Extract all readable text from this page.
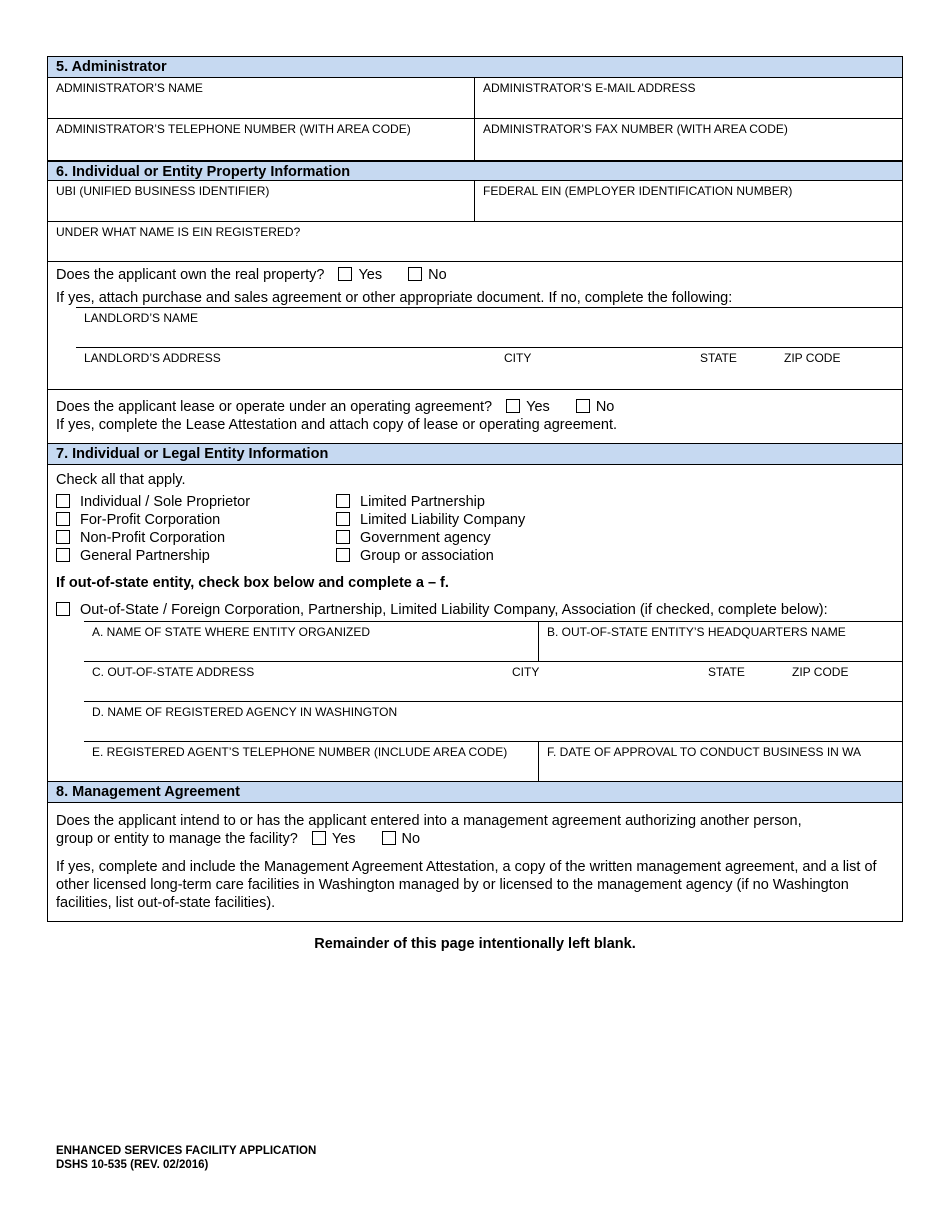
5. Administrator
ADMINISTRATOR’S NAME	ADMINISTRATOR’S E-MAIL ADDRESS
ADMINISTRATOR’S TELEPHONE NUMBER (WITH AREA CODE)	ADMINISTRATOR’S FAX NUMBER (WITH AREA CODE)
6. Individual or Entity Property Information
UBI (UNIFIED BUSINESS IDENTIFIER)	FEDERAL EIN (EMPLOYER IDENTIFICATION NUMBER)
UNDER WHAT NAME IS EIN REGISTERED?
Does the applicant own the real property? Yes	No
If yes, attach purchase and sales agreement or other appropriate document. If no, complete the following:
LANDLORD’S NAME
LANDLORD’S ADDRESS	CITY	STATE	ZIP CODE
Does the applicant lease or operate under an operating agreement? Yes	No
If yes, complete the Lease Attestation and attach copy of lease or operating agreement.
7. Individual or Legal Entity Information
Check all that apply.
Individual / Sole Proprietor	Limited Partnership
For-Profit Corporation	Limited Liability Company
Non-Profit Corporation	Government agency
General Partnership	Group or association
If out-of-state entity, check box below and complete a – f.
Out-of-State / Foreign Corporation, Partnership, Limited Liability Company, Association (if checked, complete below):
A. NAME OF STATE WHERE ENTITY ORGANIZED	B. OUT-OF-STATE ENTITY’S HEADQUARTERS NAME
C. OUT-OF-STATE ADDRESS	CITY	STATE	ZIP CODE
D. NAME OF REGISTERED AGENCY IN WASHINGTON
E. REGISTERED AGENT’S TELEPHONE NUMBER (INCLUDE AREA CODE)	F. DATE OF APPROVAL TO CONDUCT BUSINESS IN WA
8. Management Agreement
Does the applicant intend to or has the applicant entered into a management agreement authorizing another person,
group or entity to manage the facility? Yes	No
If yes, complete and include the Management Agreement Attestation, a copy of the written management agreement, and a list of other licensed long-term care facilities in Washington managed by or licensed to the management agency (if no Washington facilities, list out-of-state facilities).
Remainder of this page intentionally left blank.
ENHANCED SERVICES FACILITY APPLICATION
DSHS 10-535 (REV. 02/2016)
